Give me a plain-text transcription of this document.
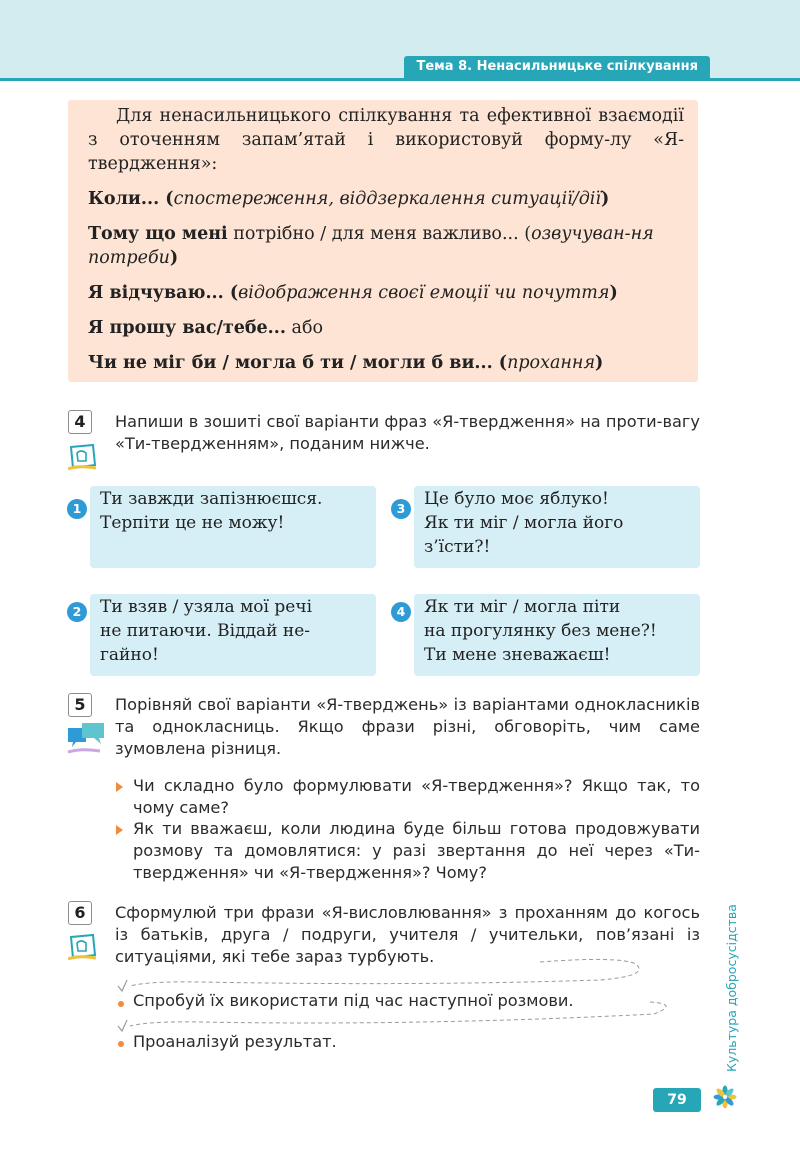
Тема 8. Ненасильницьке спілкування

Для ненасильницького спілкування та ефективної взаємодії з оточенням запам’ятай і використовуй форму-лу «Я-твердження»:

Коли... (спостереження, віддзеркалення ситуації/дії)

Тому що мені потрібно / для меня важливо... (озвучуван-ня потреби)

Я відчуваю... (відображення своєї емоції чи почуття)

Я прошу вас/тебе... або

Чи не міг би / могла б ти / могли б ви... (прохання)

4	Напиши в зошиті свої варіанти фраз «Я-твердження» на проти-вагу «Ти-твердженням», поданим нижче.
Ти завжди запізнюєшся.
Терпіти це не можу!
1	Це було моє яблуко!
Як ти міг / могла його
з’їсти?!
3
Ти взяв / узяла мої речі
не питаючи. Віддай не-
гайно!
2	Як ти міг / могла піти
на прогулянку без мене?!
Ти мене зневажаєш!
4
5	Порівняй свої варіанти «Я-тверджень» із варіантами однокласників та однокласниць. Якщо фрази різні, обговоріть, чим саме зумовлена різниця.
Чи складно було формулювати «Я-твердження»? Якщо так, то чому саме?
Як ти вважаєш, коли людина буде більш готова продовжувати розмову та домовлятися: у разі звертання до неї через «Ти-твердження» чи «Я-твердження»? Чому?
6	Сформулюй три фрази «Я-висловлювання» з проханням до когось із батьків, друга / подруги, учителя / учительки, пов’язані із ситуаціями, які тебе зараз турбують.
Спробуй їх використати під час наступної розмови.
Проаналізуй результат.	Культура добросусідства
79
